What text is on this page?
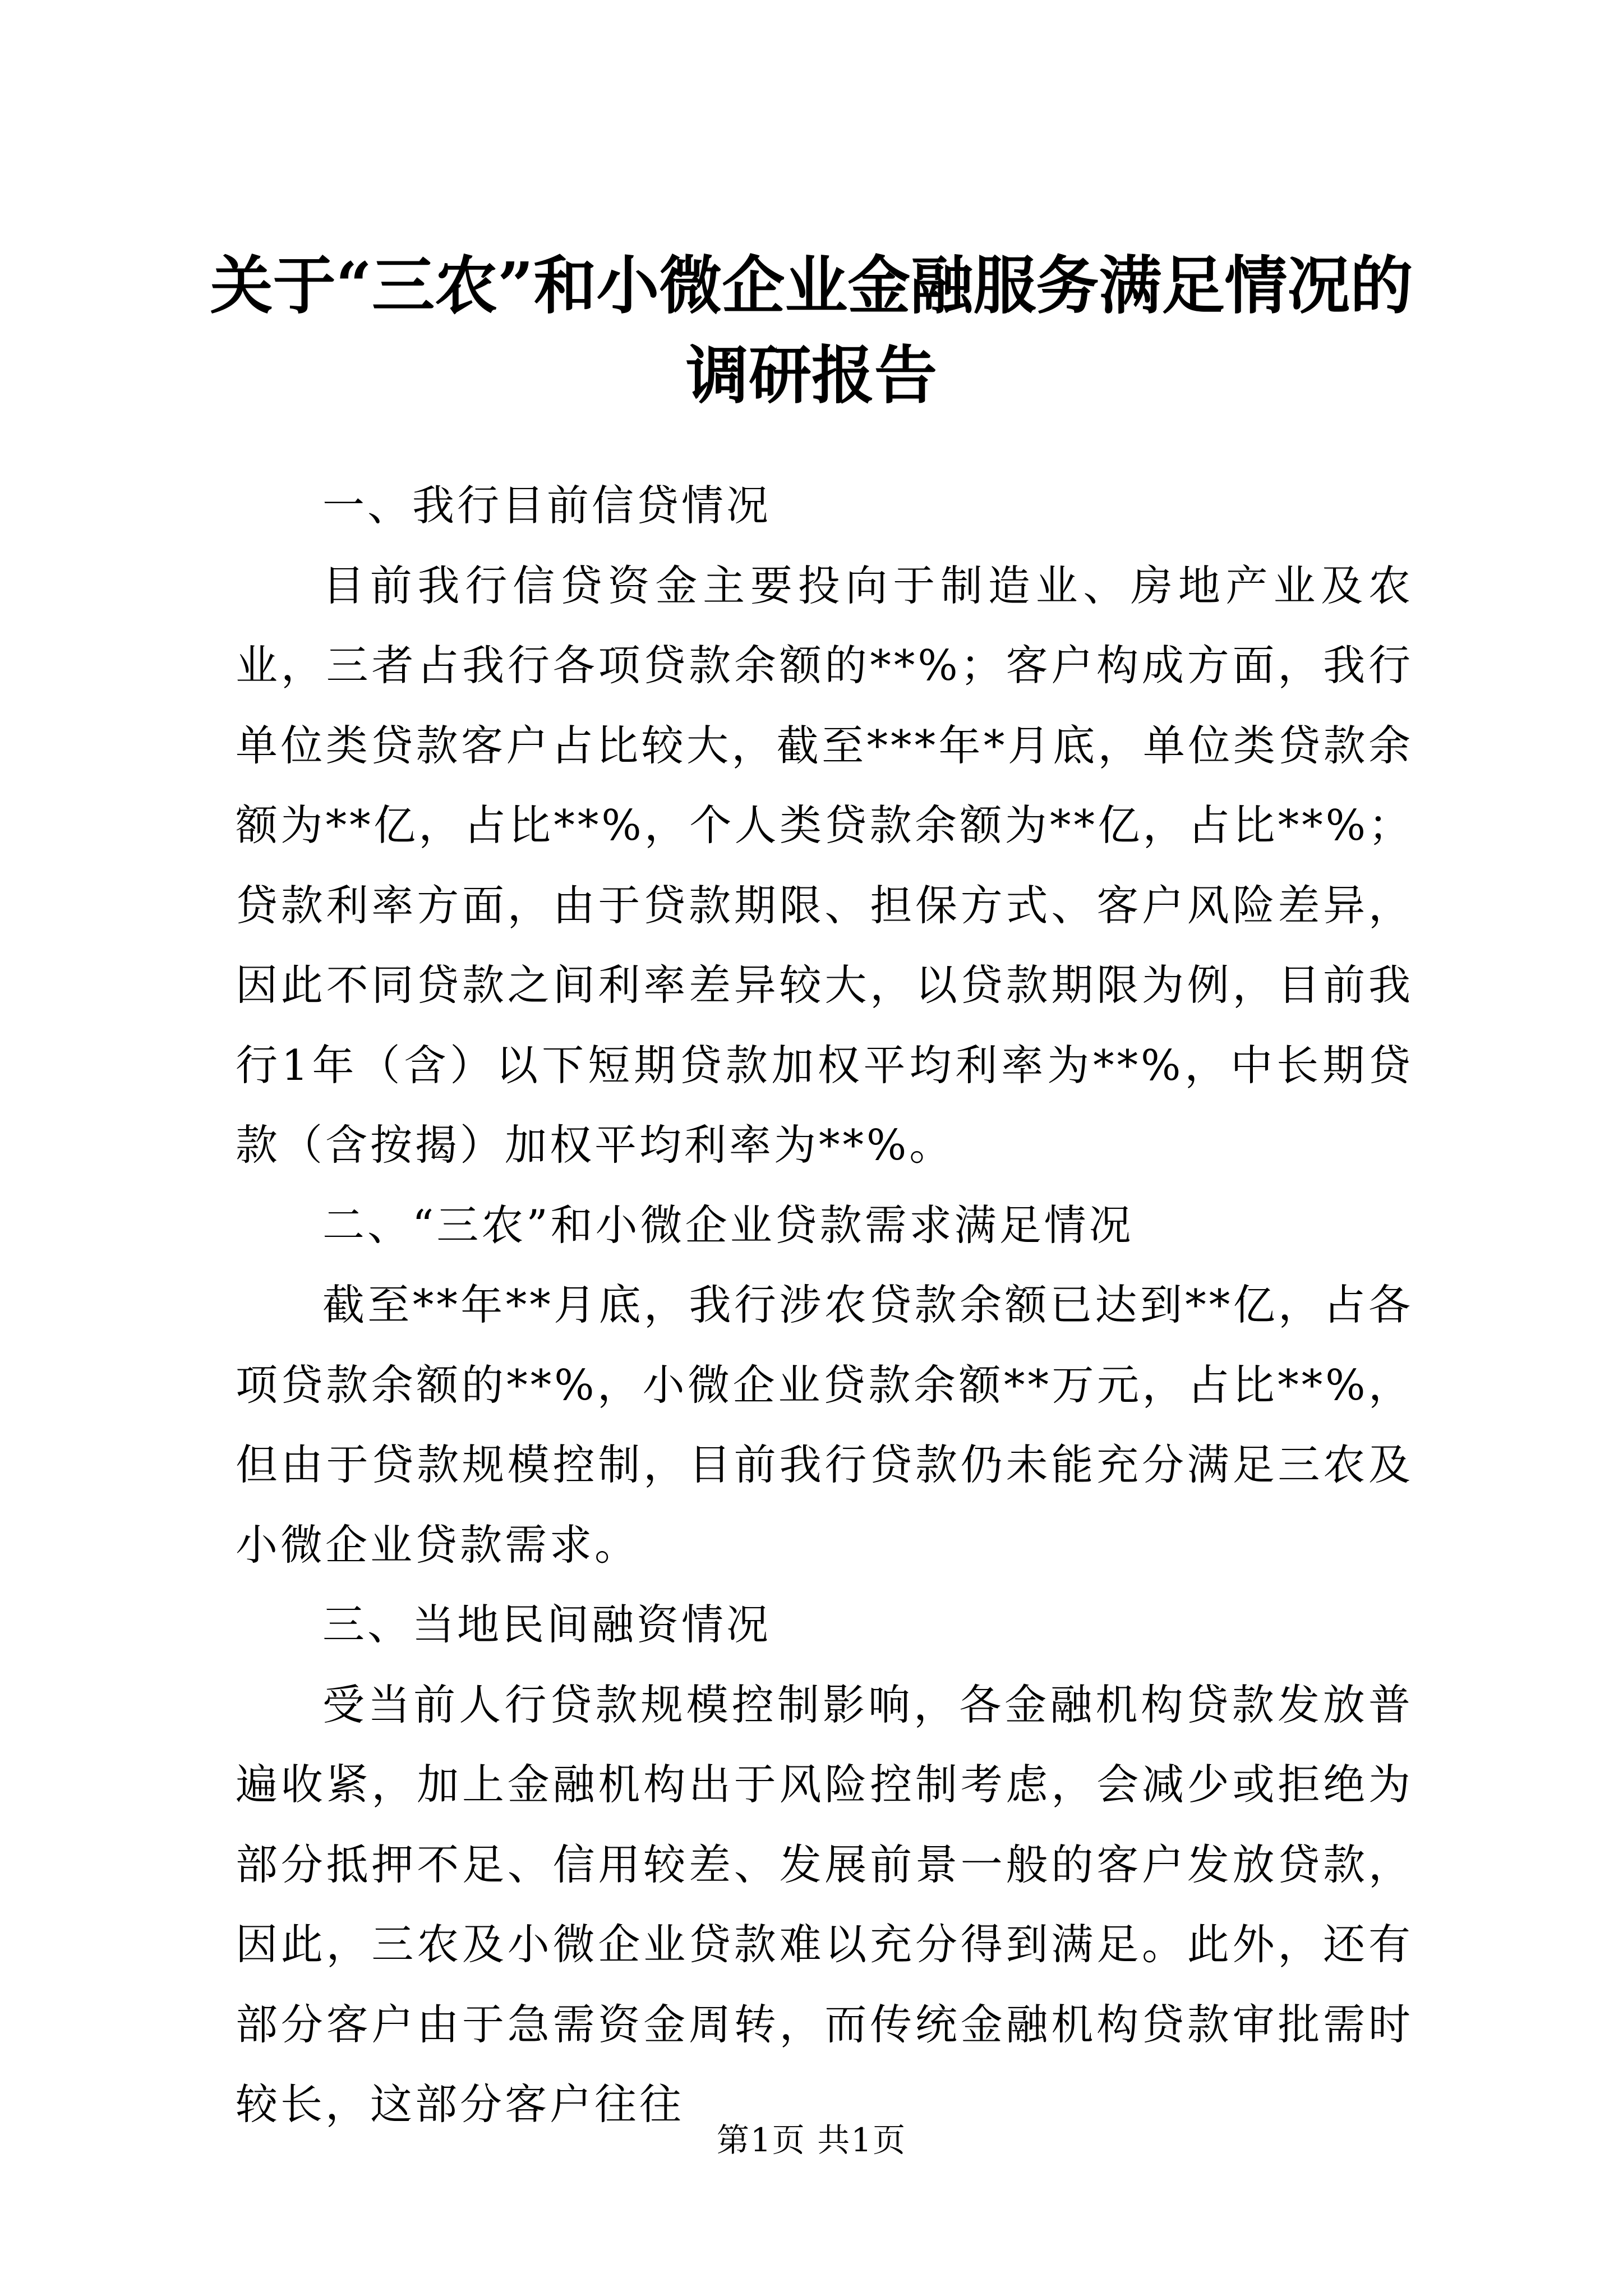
关于“三农”和小微企业金融服务满足情况的
调研报告

一、我行目前信贷情况

目前我行信贷资金主要投向于制造业、房地产业及农业，三者占我行各项贷款余额的**%；客户构成方面，我行单位类贷款客户占比较大，截至***年*月底，单位类贷款余额为**亿，占比**%，个人类贷款余额为**亿，占比**%；贷款利率方面，由于贷款期限、担保方式、客户风险差异，因此不同贷款之间利率差异较大，以贷款期限为例，目前我行1年（含）以下短期贷款加权平均利率为**%，中长期贷款（含按揭）加权平均利率为**%。

二、“三农”和小微企业贷款需求满足情况

截至**年**月底，我行涉农贷款余额已达到**亿，占各项贷款余额的**%，小微企业贷款余额**万元，占比**%，但由于贷款规模控制，目前我行贷款仍未能充分满足三农及小微企业贷款需求。

三、当地民间融资情况

受当前人行贷款规模控制影响，各金融机构贷款发放普遍收紧，加上金融机构出于风险控制考虑，会减少或拒绝为部分抵押不足、信用较差、发展前景一般的客户发放贷款，因此，三农及小微企业贷款难以充分得到满足。此外，还有部分客户由于急需资金周转，而传统金融机构贷款审批需时较长，这部分客户往往

第1页 共1页
